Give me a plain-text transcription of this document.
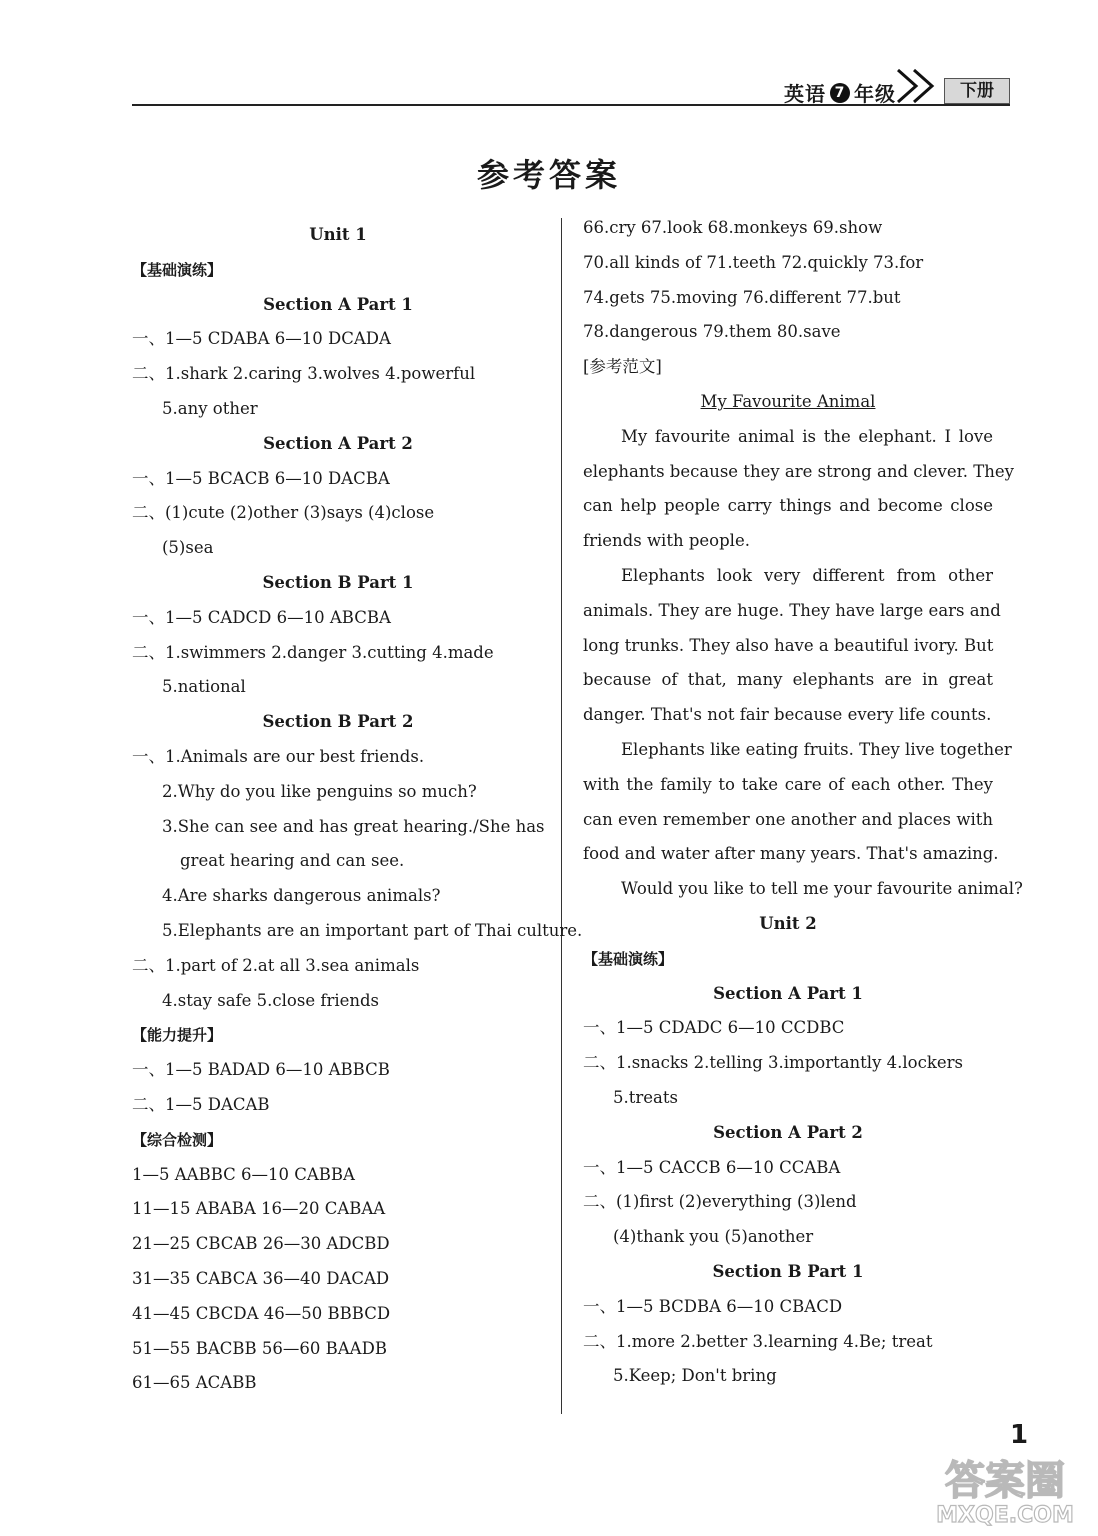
英语 7 年级	下册
参考答案
Unit 1
【基础演练】
Section A Part 1
一、1—5 CDABA 6—10 DCADA
二、1.shark 2.caring 3.wolves 4.powerful
5.any other
Section A Part 2
一、1—5 BCACB 6—10 DACBA
二、(1)cute (2)other (3)says (4)close
(5)sea
Section B Part 1
一、1—5 CADCD 6—10 ABCBA
二、1.swimmers 2.danger 3.cutting 4.made
5.national
Section B Part 2
一、1.Animals are our best friends.
2.Why do you like penguins so much?
3.She can see and has great hearing./She has
great hearing and can see.
4.Are sharks dangerous animals?
5.Elephants are an important part of Thai culture.
二、1.part of 2.at all 3.sea animals
4.stay safe 5.close friends
【能力提升】
一、1—5 BADAD 6—10 ABBCB
二、1—5 DACAB
【综合检测】
1—5 AABBC 6—10 CABBA
11—15 ABABA 16—20 CABAA
21—25 CBCAB 26—30 ADCBD
31—35 CABCA 36—40 DACAD
41—45 CBCDA 46—50 BBBCD
51—55 BACBB 56—60 BAADB
61—65 ACABB
66.cry 67.look 68.monkeys 69.show
70.all kinds of 71.teeth 72.quickly 73.for
74.gets 75.moving 76.different 77.but
78.dangerous 79.them 80.save
[参考范文]
My Favourite Animal
My favourite animal is the elephant. I love
elephants because they are strong and clever. They
can help people carry things and become close
friends with people.
Elephants look very different from other
animals. They are huge. They have large ears and
long trunks. They also have a beautiful ivory. But
because of that, many elephants are in great
danger. That's not fair because every life counts.
Elephants like eating fruits. They live together
with the family to take care of each other. They
can even remember one another and places with
food and water after many years. That's amazing.
Would you like to tell me your favourite animal?
Unit 2
【基础演练】
Section A Part 1
一、1—5 CDADC 6—10 CCDBC
二、1.snacks 2.telling 3.importantly 4.lockers
5.treats
Section A Part 2
一、1—5 CACCB 6—10 CCABA
二、(1)first (2)everything (3)lend
(4)thank you (5)another
Section B Part 1
一、1—5 BCDBA 6—10 CBACD
二、1.more 2.better 3.learning 4.Be; treat
5.Keep; Don't bring
1
答案圈
MXQE.COM
